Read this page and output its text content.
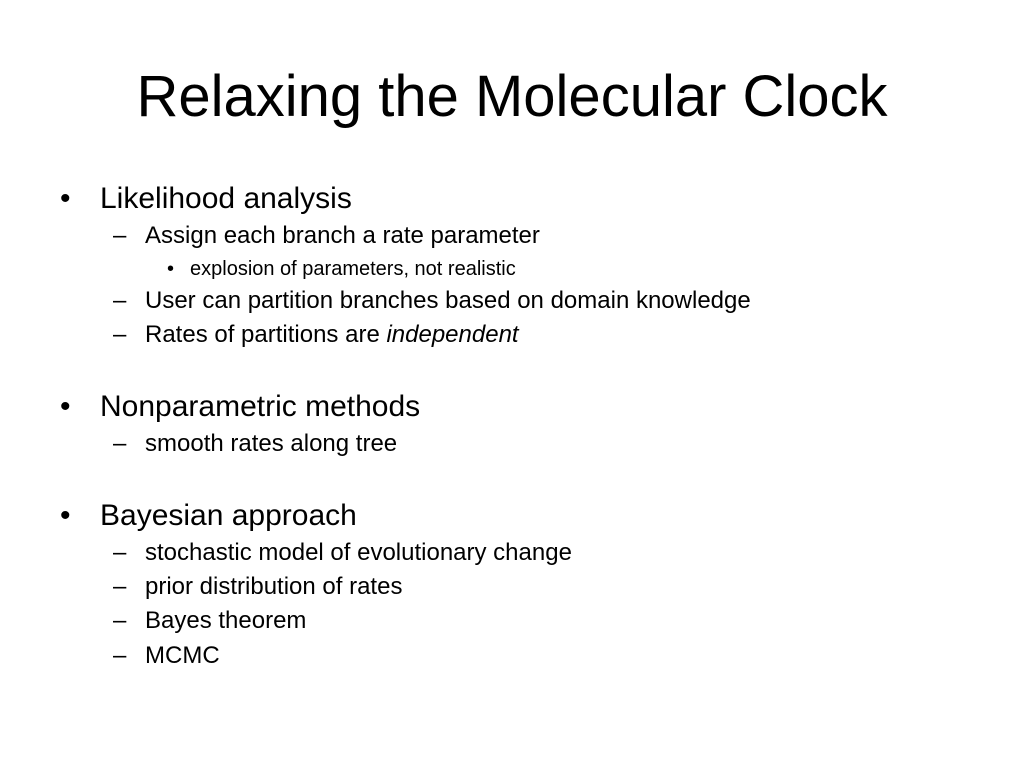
Relaxing the Molecular Clock
• Likelihood analysis
– Assign each branch a rate parameter
• explosion of parameters, not realistic
– User can partition branches based on domain knowledge
– Rates of partitions are independent
• Nonparametric methods
– smooth rates along tree
• Bayesian approach
– stochastic model of evolutionary change
– prior distribution of rates
– Bayes theorem
– MCMC
